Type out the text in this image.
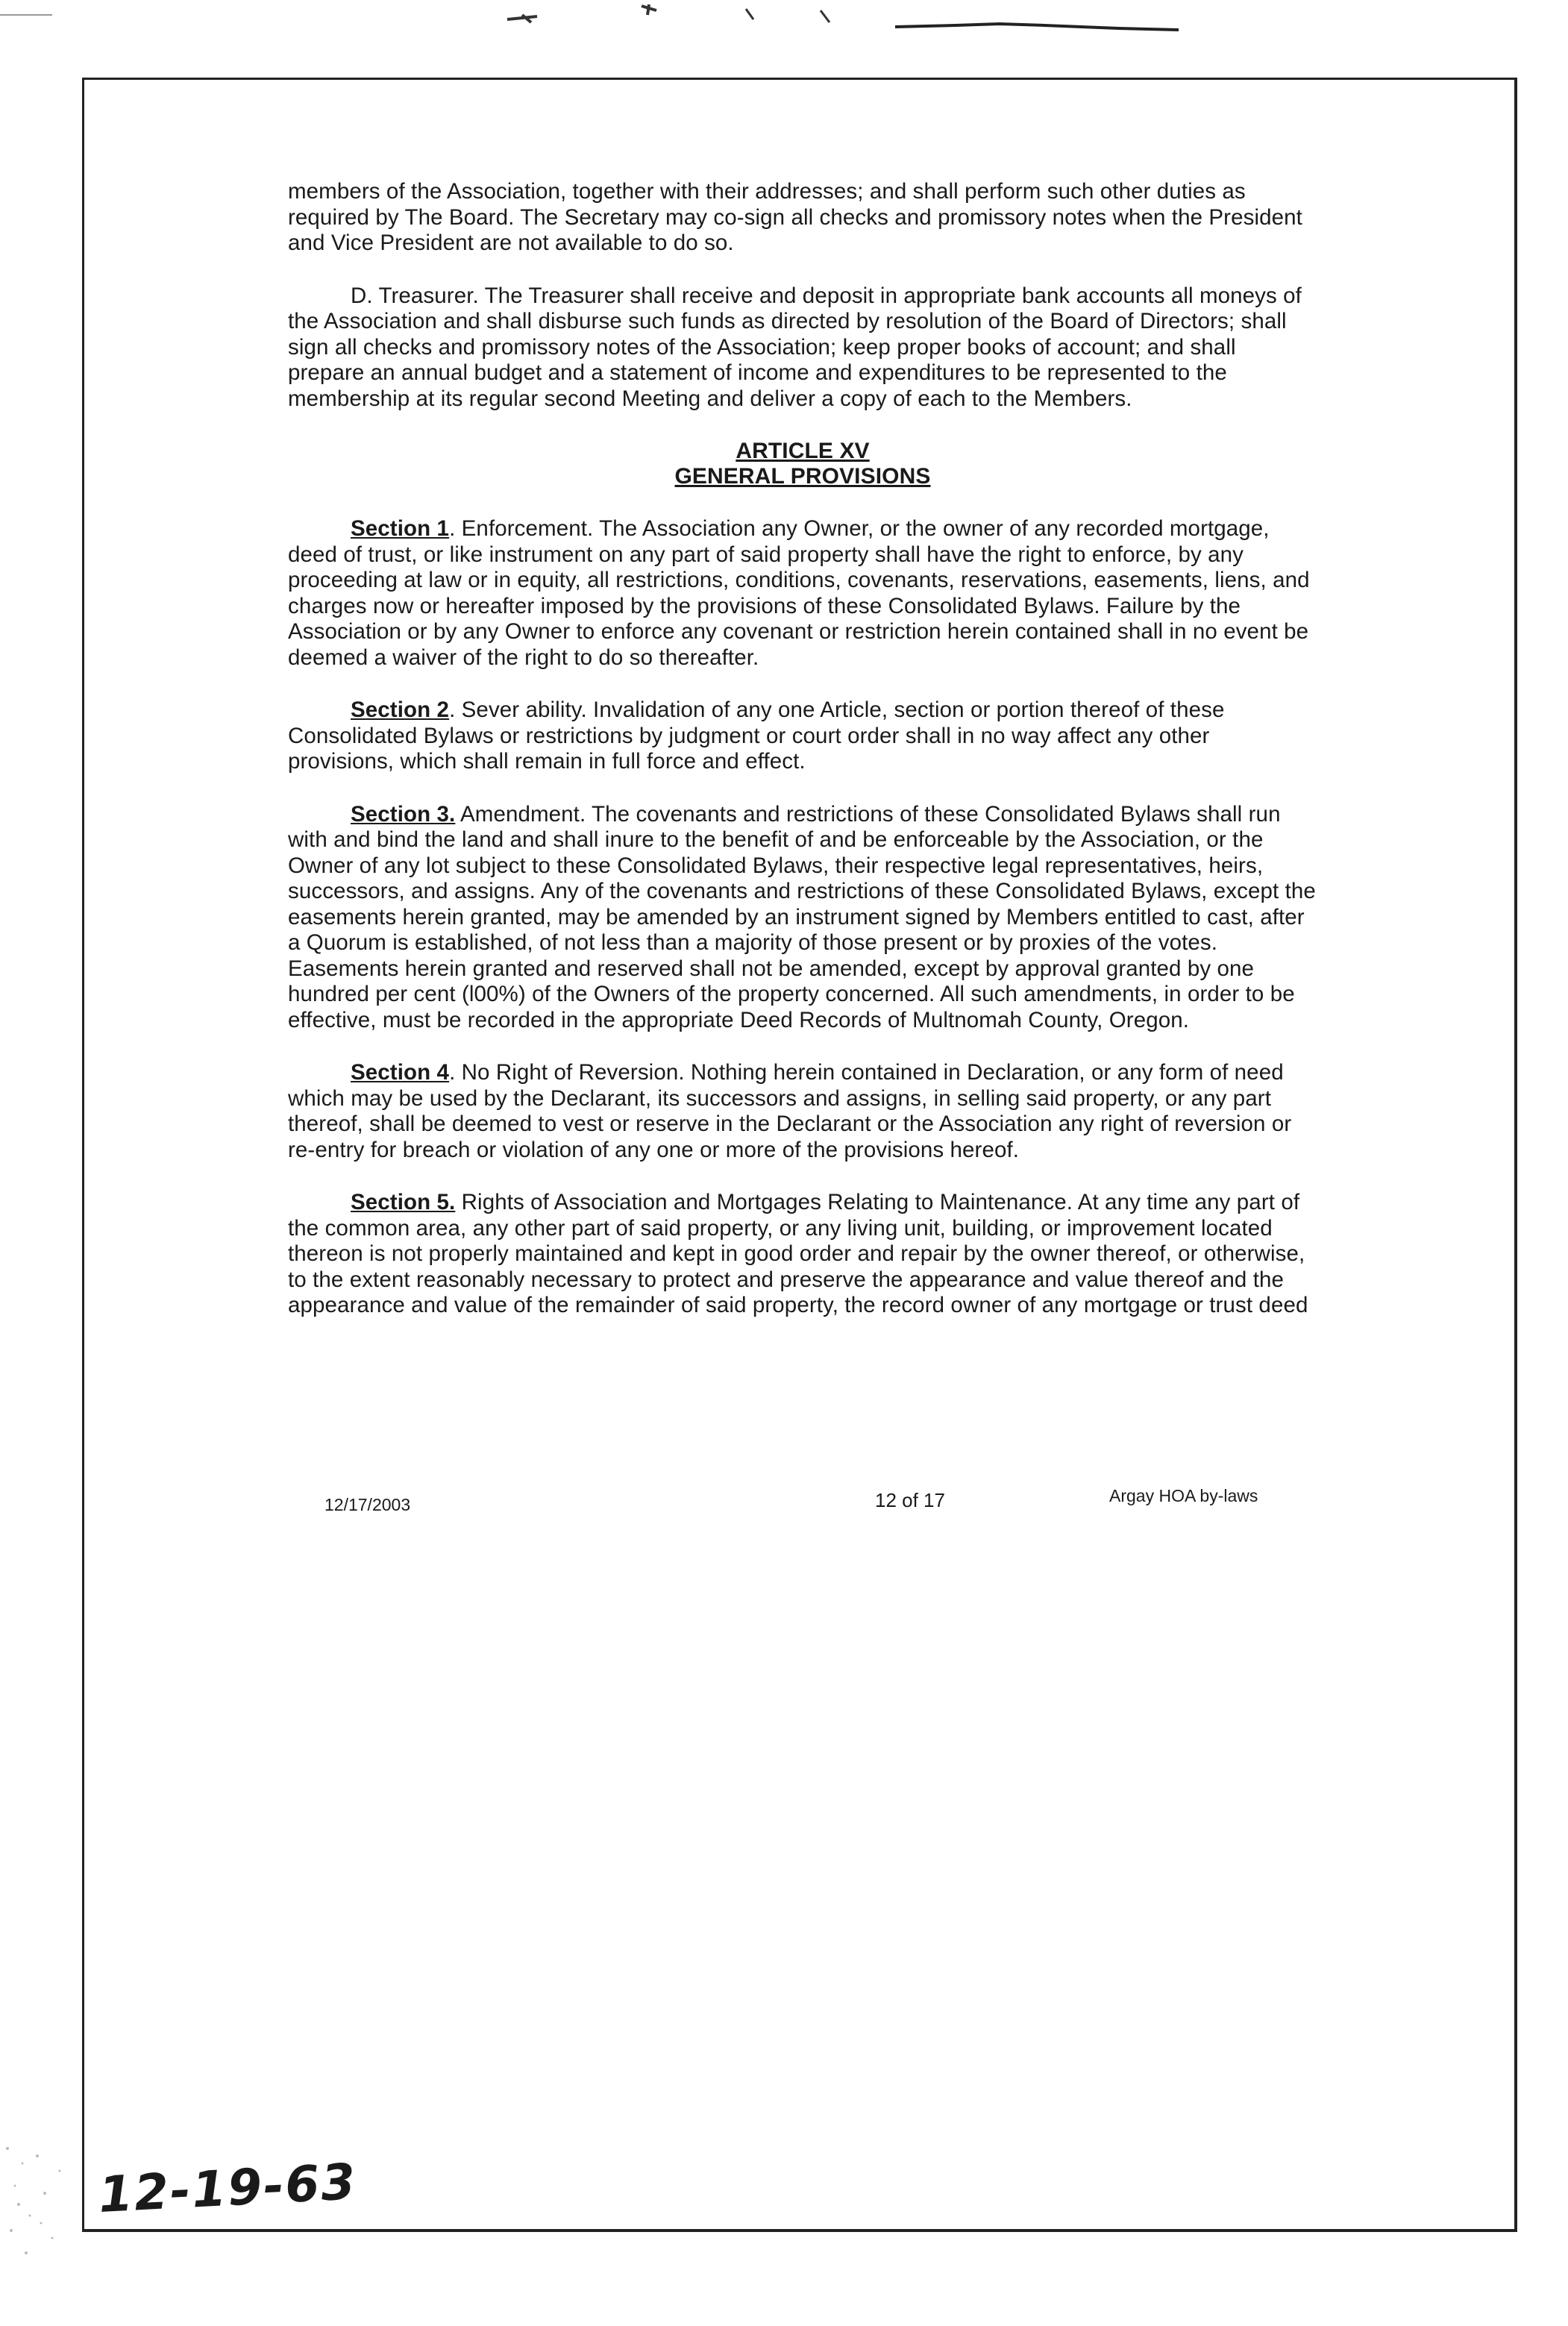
members of the Association, together with their addresses; and shall perform such other duties as required by The Board. The Secretary may co-sign all checks and promissory notes when the President and Vice President are not available to do so.

D. Treasurer. The Treasurer shall receive and deposit in appropriate bank accounts all moneys of the Association and shall disburse such funds as directed by resolution of the Board of Directors; shall sign all checks and promissory notes of the Association; keep proper books of account; and shall prepare an annual budget and a statement of income and expenditures to be represented to the membership at its regular second Meeting and deliver a copy of each to the Members.

ARTICLE XV
GENERAL PROVISIONS

Section 1. Enforcement. The Association any Owner, or the owner of any recorded mortgage, deed of trust, or like instrument on any part of said property shall have the right to enforce, by any proceeding at law or in equity, all restrictions, conditions, covenants, reservations, easements, liens, and charges now or hereafter imposed by the provisions of these Consolidated Bylaws. Failure by the Association or by any Owner to enforce any covenant or restriction herein contained shall in no event be deemed a waiver of the right to do so thereafter.

Section 2. Sever ability. Invalidation of any one Article, section or portion thereof of these Consolidated Bylaws or restrictions by judgment or court order shall in no way affect any other provisions, which shall remain in full force and effect.

Section 3. Amendment. The covenants and restrictions of these Consolidated Bylaws shall run with and bind the land and shall inure to the benefit of and be enforceable by the Association, or the Owner of any lot subject to these Consolidated Bylaws, their respective legal representatives, heirs, successors, and assigns. Any of the covenants and restrictions of these Consolidated Bylaws, except the easements herein granted, may be amended by an instrument signed by Members entitled to cast, after a Quorum is established, of not less than a majority of those present or by proxies of the votes. Easements herein granted and reserved shall not be amended, except by approval granted by one hundred per cent (l00%) of the Owners of the property concerned. All such amendments, in order to be effective, must be recorded in the appropriate Deed Records of Multnomah County, Oregon.

Section 4. No Right of Reversion. Nothing herein contained in Declaration, or any form of need which may be used by the Declarant, its successors and assigns, in selling said property, or any part thereof, shall be deemed to vest or reserve in the Declarant or the Association any right of reversion or re-entry for breach or violation of any one or more of the provisions hereof.

Section 5. Rights of Association and Mortgages Relating to Maintenance. At any time any part of the common area, any other part of said property, or any living unit, building, or improvement located thereon is not properly maintained and kept in good order and repair by the owner thereof, or otherwise, to the extent reasonably necessary to protect and preserve the appearance and value thereof and the appearance and value of the remainder of said property, the record owner of any mortgage or trust deed

12/17/2003	12 of 17	Argay HOA by-laws
12-19-63
